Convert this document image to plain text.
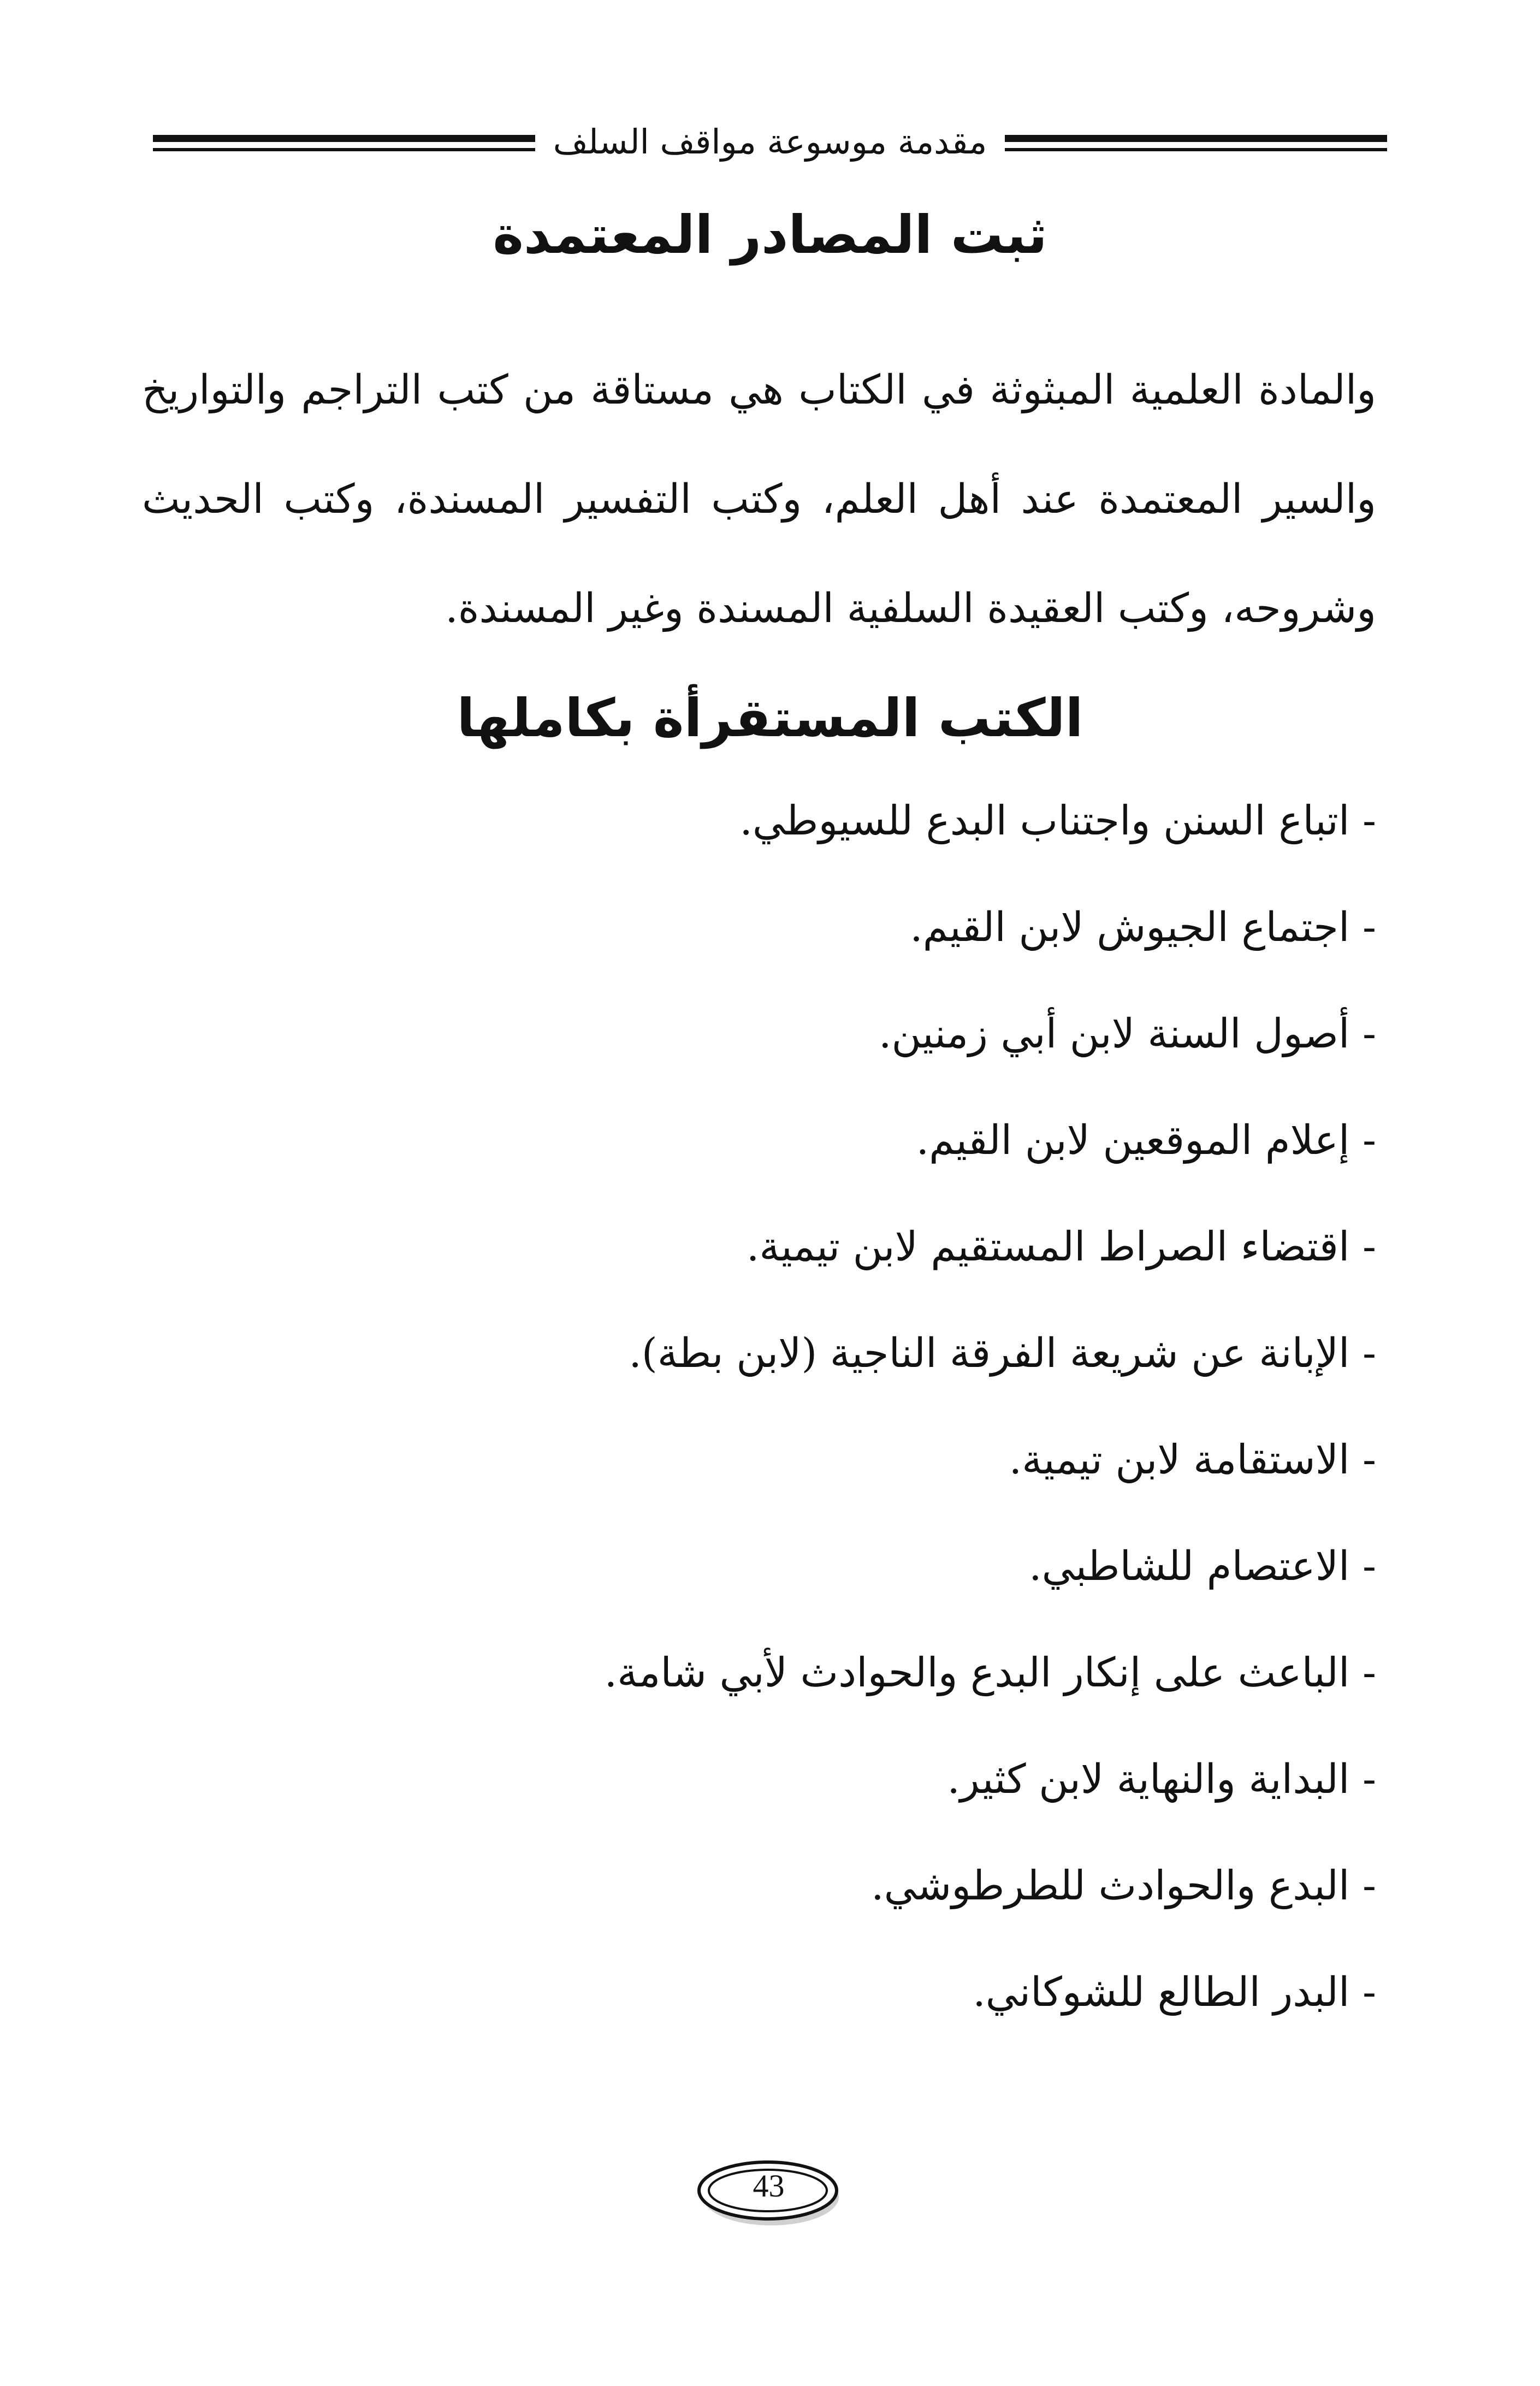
مقدمة موسوعة مواقف السلف
ثبت المصادر المعتمدة

والمادة العلمية المبثوثة في الكتاب هي مستاقة من كتب التراجم والتواريخ والسير المعتمدة عند أهل العلم، وكتب التفسير المسندة، وكتب الحديث وشروحه، وكتب العقيدة السلفية المسندة وغير المسندة.

الكتب المستقرأة بكاملها
- اتباع السنن واجتناب البدع للسيوطي.
- اجتماع الجيوش لابن القيم.
- أصول السنة لابن أبي زمنين.
- إعلام الموقعين لابن القيم.
- اقتضاء الصراط المستقيم لابن تيمية.
- الإبانة عن شريعة الفرقة الناجية (لابن بطة).
- الاستقامة لابن تيمية.
- الاعتصام للشاطبي.
- الباعث على إنكار البدع والحوادث لأبي شامة.
- البداية والنهاية لابن كثير.
- البدع والحوادث للطرطوشي.
- البدر الطالع للشوكاني.
43
